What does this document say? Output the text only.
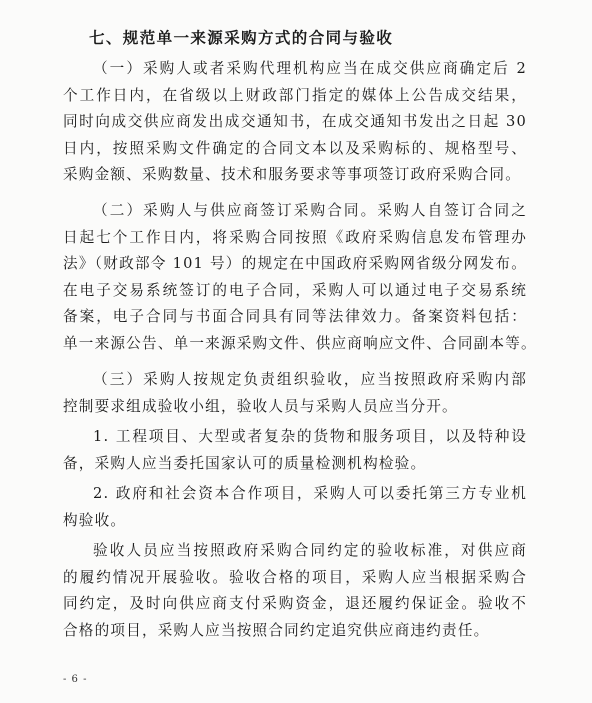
七、规范单一来源采购方式的合同与验收
（一）采购人或者采购代理机构应当在成交供应商确定后 2
个工作日内，在省级以上财政部门指定的媒体上公告成交结果，
同时向成交供应商发出成交通知书，在成交通知书发出之日起 30
日内，按照采购文件确定的合同文本以及采购标的、规格型号、
采购金额、采购数量、技术和服务要求等事项签订政府采购合同。
（二）采购人与供应商签订采购合同。采购人自签订合同之
日起七个工作日内，将采购合同按照《政府采购信息发布管理办
法》（财政部令 101 号）的规定在中国政府采购网省级分网发布。
在电子交易系统签订的电子合同，采购人可以通过电子交易系统
备案，电子合同与书面合同具有同等法律效力。备案资料包括：
单一来源公告、单一来源采购文件、供应商响应文件、合同副本等。
（三）采购人按规定负责组织验收，应当按照政府采购内部
控制要求组成验收小组，验收人员与采购人员应当分开。
1. 工程项目、大型或者复杂的货物和服务项目，以及特种设
备，采购人应当委托国家认可的质量检测机构检验。
2. 政府和社会资本合作项目，采购人可以委托第三方专业机
构验收。
验收人员应当按照政府采购合同约定的验收标准，对供应商
的履约情况开展验收。验收合格的项目，采购人应当根据采购合
同约定，及时向供应商支付采购资金，退还履约保证金。验收不
合格的项目，采购人应当按照合同约定追究供应商违约责任。
- 6 -
